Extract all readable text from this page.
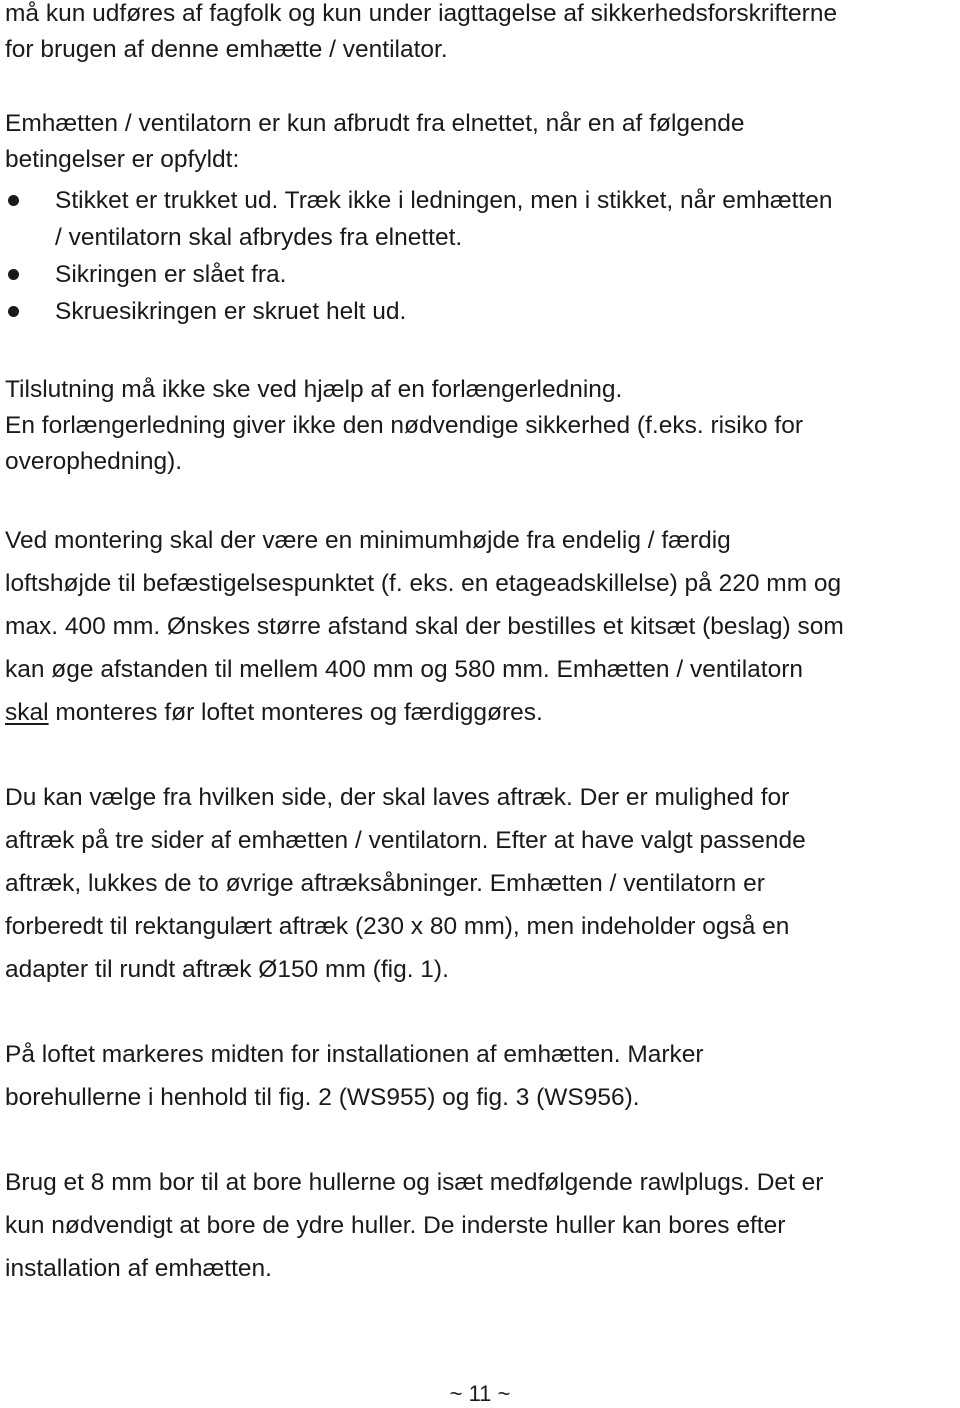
må kun udføres af fagfolk og kun under iagttagelse af sikkerhedsforskrifterne
for brugen af denne emhætte / ventilator.

Emhætten / ventilatorn er kun afbrudt fra elnettet, når en af følgende
betingelser er opfyldt:

Stikket er trukket ud. Træk ikke i ledningen, men i stikket, når emhætten
/ ventilatorn skal afbrydes fra elnettet.
Sikringen er slået fra.
Skruesikringen er skruet helt ud.

Tilslutning må ikke ske ved hjælp af en forlængerledning.
En forlængerledning giver ikke den nødvendige sikkerhed (f.eks. risiko for
overophedning).

Ved montering skal der være en minimumhøjde fra endelig / færdig
loftshøjde til befæstigelsespunktet (f. eks. en etageadskillelse) på 220 mm og
max. 400 mm. Ønskes større afstand skal der bestilles et kitsæt (beslag) som
kan øge afstanden til mellem 400 mm og 580 mm. Emhætten / ventilatorn
skal monteres før loftet monteres og færdiggøres.

Du kan vælge fra hvilken side, der skal laves aftræk. Der er mulighed for
aftræk på tre sider af emhætten / ventilatorn. Efter at have valgt passende
aftræk, lukkes de to øvrige aftræksåbninger. Emhætten / ventilatorn er
forberedt til rektangulært aftræk (230 x 80 mm), men indeholder også en
adapter til rundt aftræk Ø150 mm (fig. 1).

På loftet markeres midten for installationen af emhætten. Marker
borehullerne i henhold til fig. 2 (WS955) og fig. 3 (WS956).

Brug et 8 mm bor til at bore hullerne og isæt medfølgende rawlplugs. Det er
kun nødvendigt at bore de ydre huller. De inderste huller kan bores efter
installation af emhætten.

~ 11 ~
